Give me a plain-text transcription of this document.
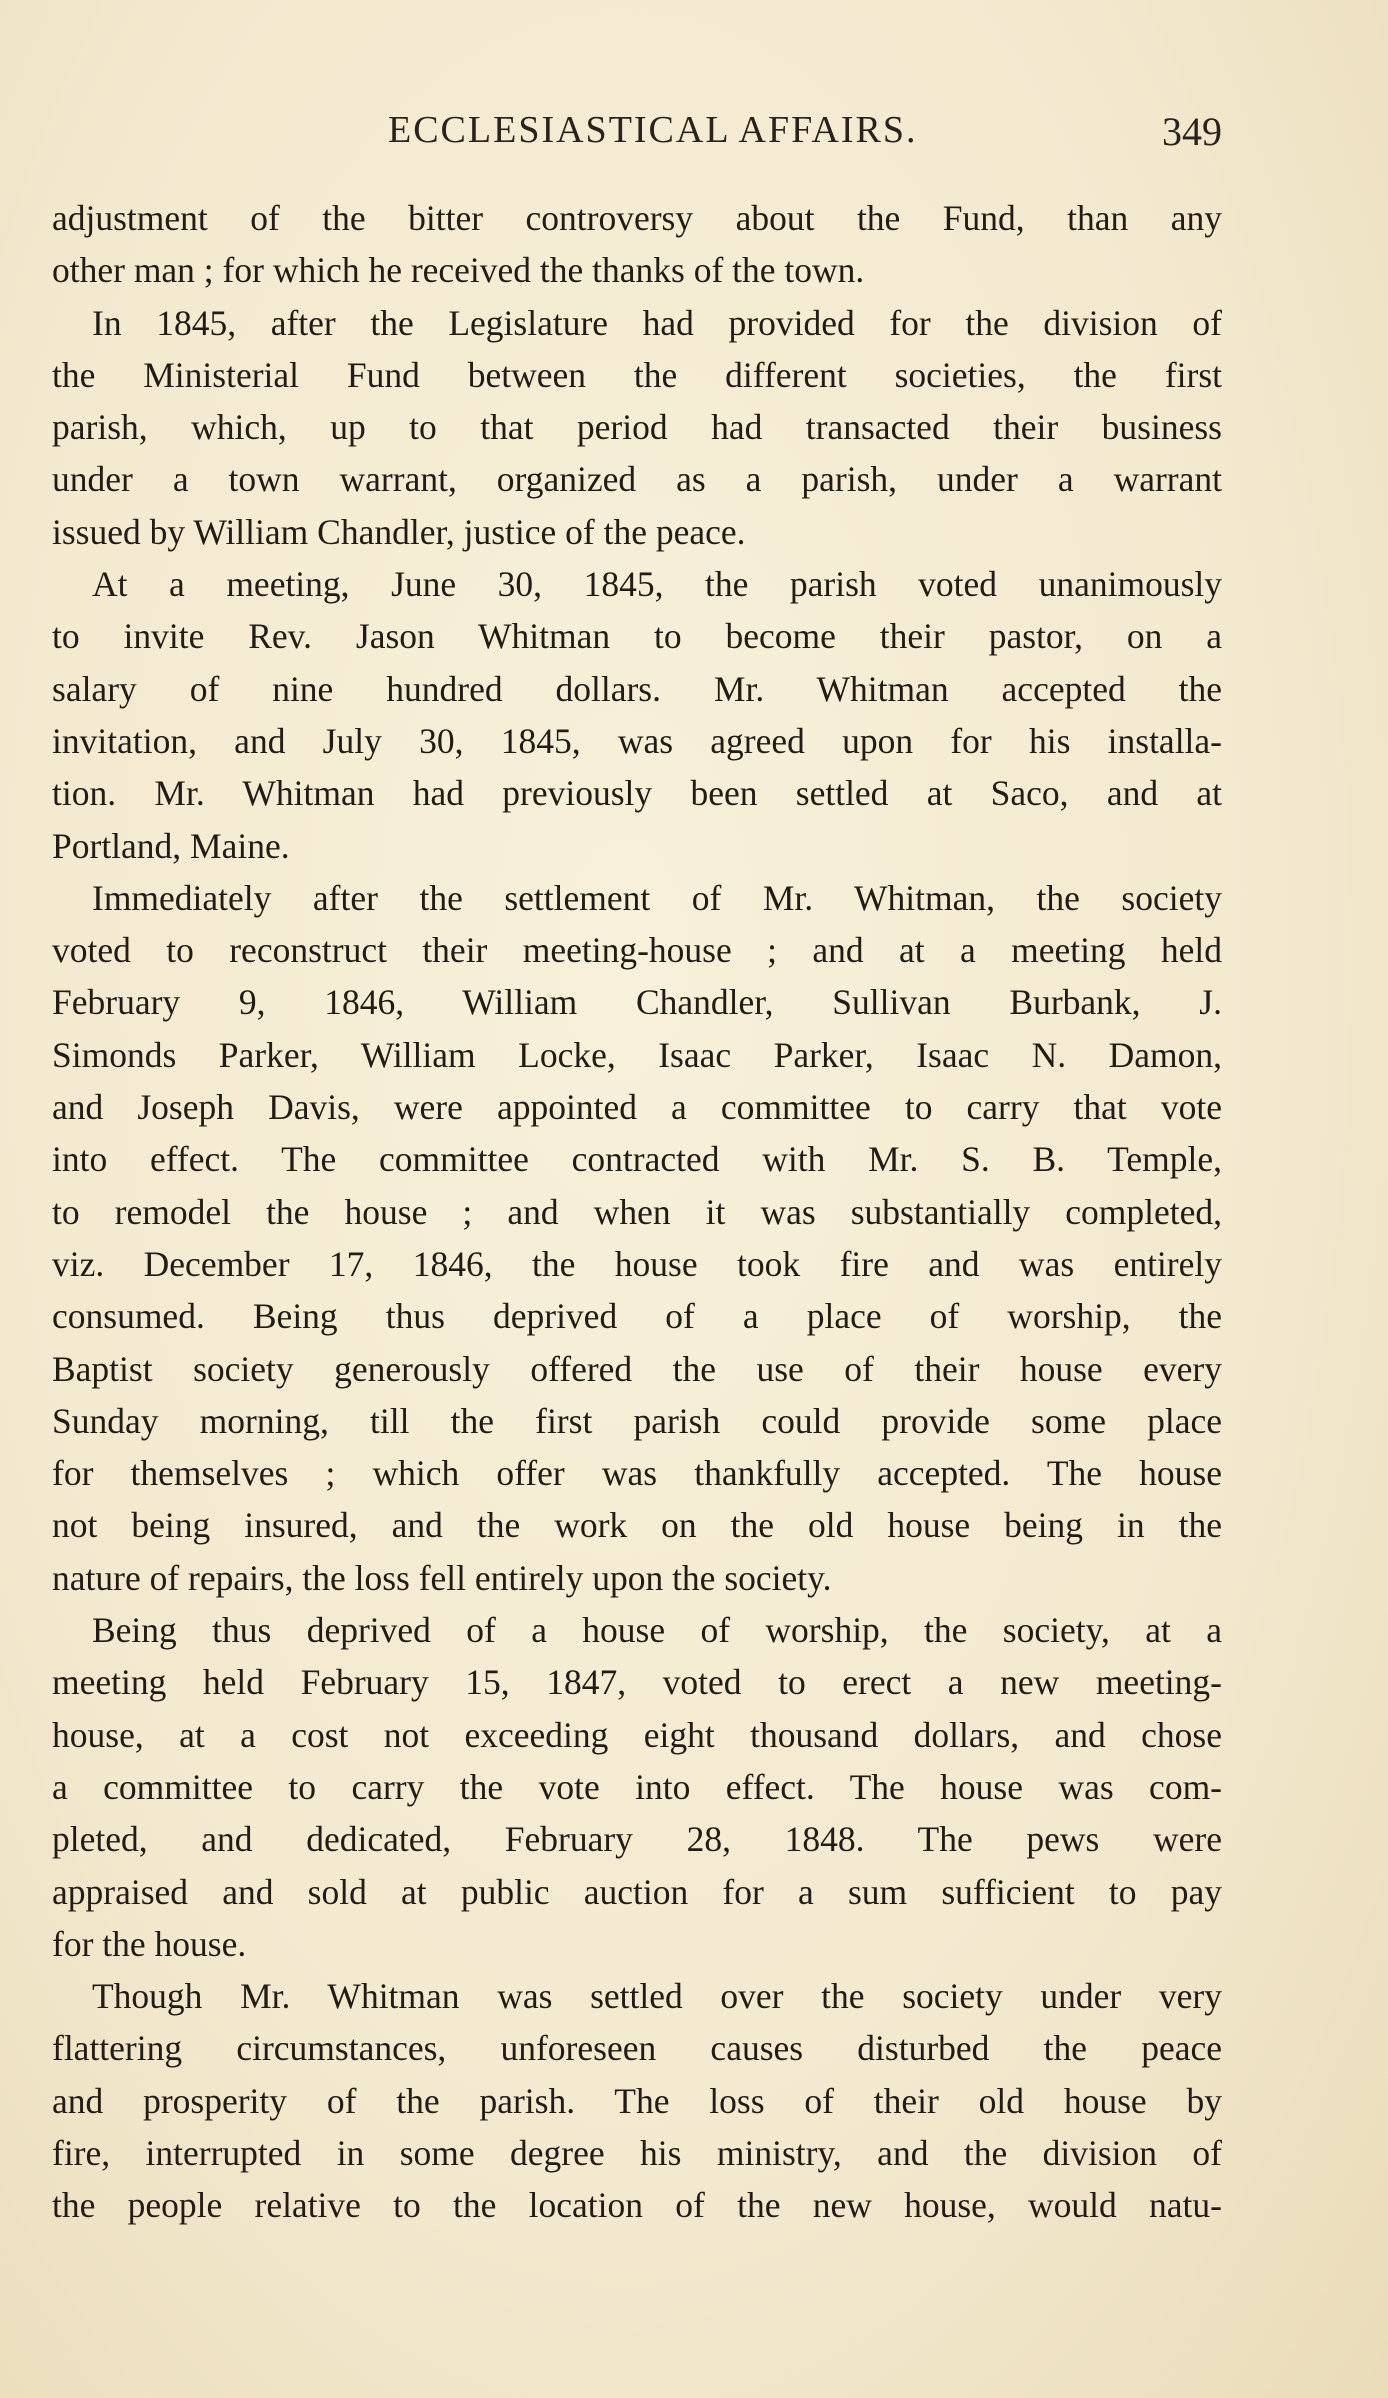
ECCLESIASTICAL AFFAIRS.	349
adjustment of the bitter controversy about the Fund, than any
other man ; for which he received the thanks of the town.
In 1845, after the Legislature had provided for the division of
the Ministerial Fund between the different societies, the first
parish, which, up to that period had transacted their business
under a town warrant, organized as a parish, under a warrant
issued by William Chandler, justice of the peace.
At a meeting, June 30, 1845, the parish voted unanimously
to invite Rev. Jason Whitman to become their pastor, on a
salary of nine hundred dollars. Mr. Whitman accepted the
invitation, and July 30, 1845, was agreed upon for his installa-
tion. Mr. Whitman had previously been settled at Saco, and at
Portland, Maine.
Immediately after the settlement of Mr. Whitman, the society
voted to reconstruct their meeting-house ; and at a meeting held
February 9, 1846, William Chandler, Sullivan Burbank, J.
Simonds Parker, William Locke, Isaac Parker, Isaac N. Damon,
and Joseph Davis, were appointed a committee to carry that vote
into effect. The committee contracted with Mr. S. B. Temple,
to remodel the house ; and when it was substantially completed,
viz. December 17, 1846, the house took fire and was entirely
consumed. Being thus deprived of a place of worship, the
Baptist society generously offered the use of their house every
Sunday morning, till the first parish could provide some place
for themselves ; which offer was thankfully accepted. The house
not being insured, and the work on the old house being in the
nature of repairs, the loss fell entirely upon the society.
Being thus deprived of a house of worship, the society, at a
meeting held February 15, 1847, voted to erect a new meeting-
house, at a cost not exceeding eight thousand dollars, and chose
a committee to carry the vote into effect. The house was com-
pleted, and dedicated, February 28, 1848. The pews were
appraised and sold at public auction for a sum sufficient to pay
for the house.
Though Mr. Whitman was settled over the society under very
flattering circumstances, unforeseen causes disturbed the peace
and prosperity of the parish. The loss of their old house by
fire, interrupted in some degree his ministry, and the division of
the people relative to the location of the new house, would natu-
